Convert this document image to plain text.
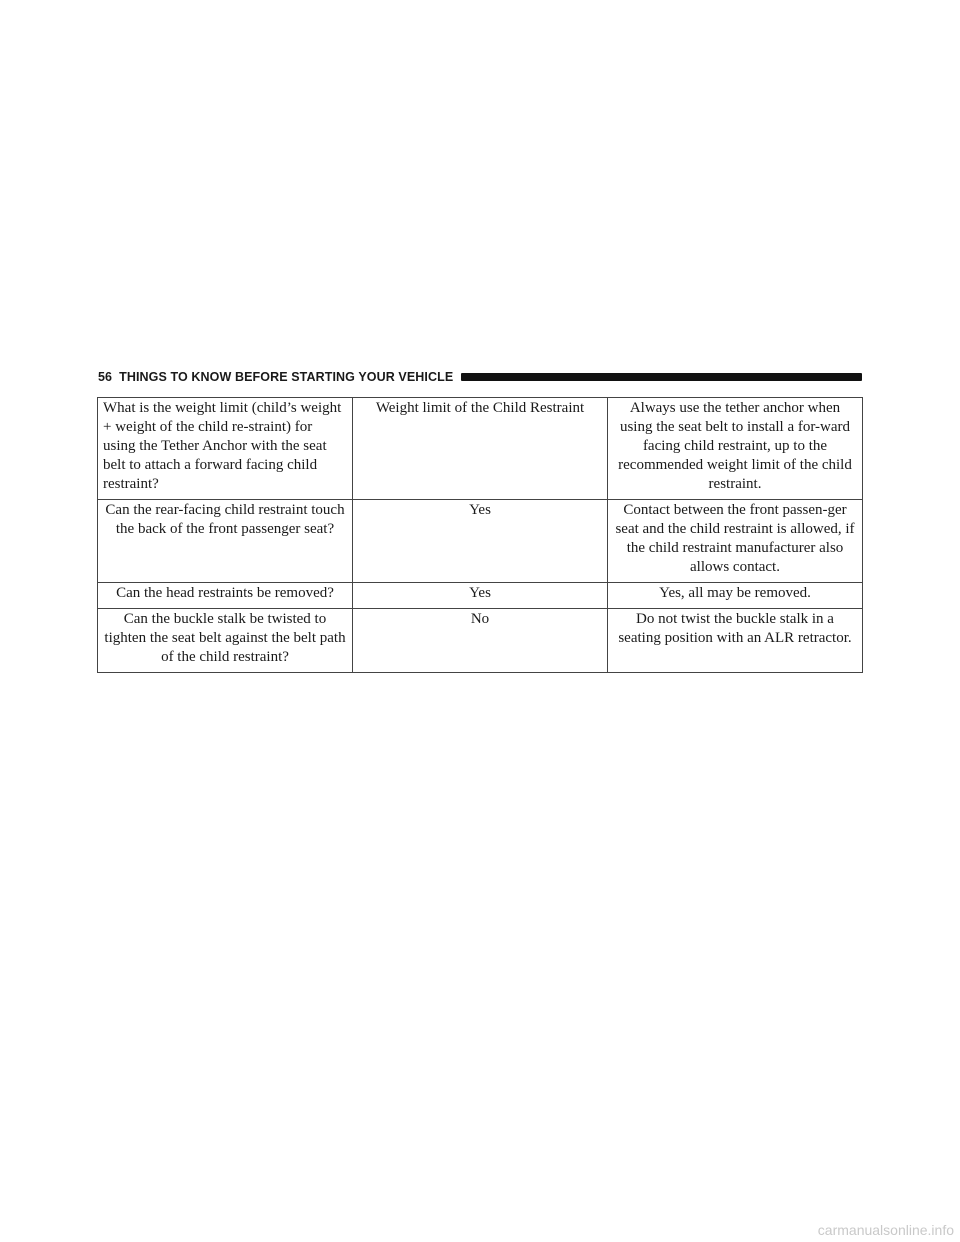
56 THINGS TO KNOW BEFORE STARTING YOUR VEHICLE
What is the weight limit (child’s weight + weight of the child re-straint) for using the Tether Anchor with the seat belt to attach a forward facing child restraint?	Weight limit of the Child Restraint	Always use the tether anchor when using the seat belt to install a for-ward facing child restraint, up to the recommended weight limit of the child restraint.
Can the rear-facing child restraint touch the back of the front passenger seat?	Yes	Contact between the front passen-ger seat and the child restraint is allowed, if the child restraint manufacturer also allows contact.
Can the head restraints be removed?	Yes	Yes, all may be removed.
Can the buckle stalk be twisted to tighten the seat belt against the belt path of the child restraint?	No	Do not twist the buckle stalk in a seating position with an ALR retractor.
carmanualsonline.info
